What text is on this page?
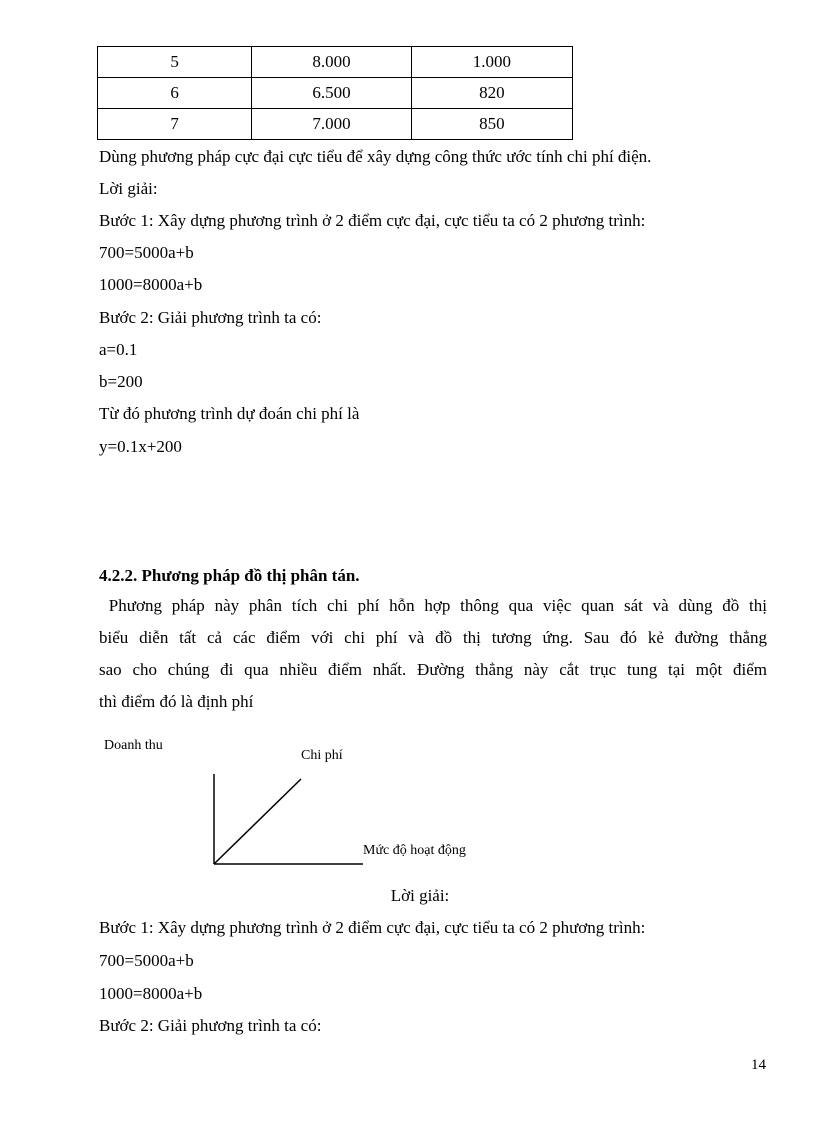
5	8.000	1.000
6	6.500	820
7	7.000	850
Dùng phương pháp cực đại cực tiểu để xây dựng công thức ước tính chi phí điện.
Lời giải:
Bước 1: Xây dựng phương trình ở 2 điểm cực đại, cực tiểu ta có 2 phương trình:
700=5000a+b
1000=8000a+b
Bước 2: Giải phương trình ta có:
a=0.1
b=200
Từ đó phương trình dự đoán chi phí là
y=0.1x+200
4.2.2. Phương pháp đồ thị phân tán.
Phương pháp này phân tích chi phí hỗn hợp thông qua việc quan sát và dùng đồ thị
biểu diễn tất cả các điểm với chi phí và đồ thị tương ứng. Sau đó kẻ đường thẳng
sao cho chúng đi qua nhiều điểm nhất. Đường thẳng này cắt trục tung tại một điểm
thì điểm đó là định phí
Doanh thu
Chi phí
Mức độ hoạt động
Lời giải:
Bước 1: Xây dựng phương trình ở 2 điểm cực đại, cực tiểu ta có 2 phương trình:
700=5000a+b
1000=8000a+b
Bước 2: Giải phương trình ta có:
14
